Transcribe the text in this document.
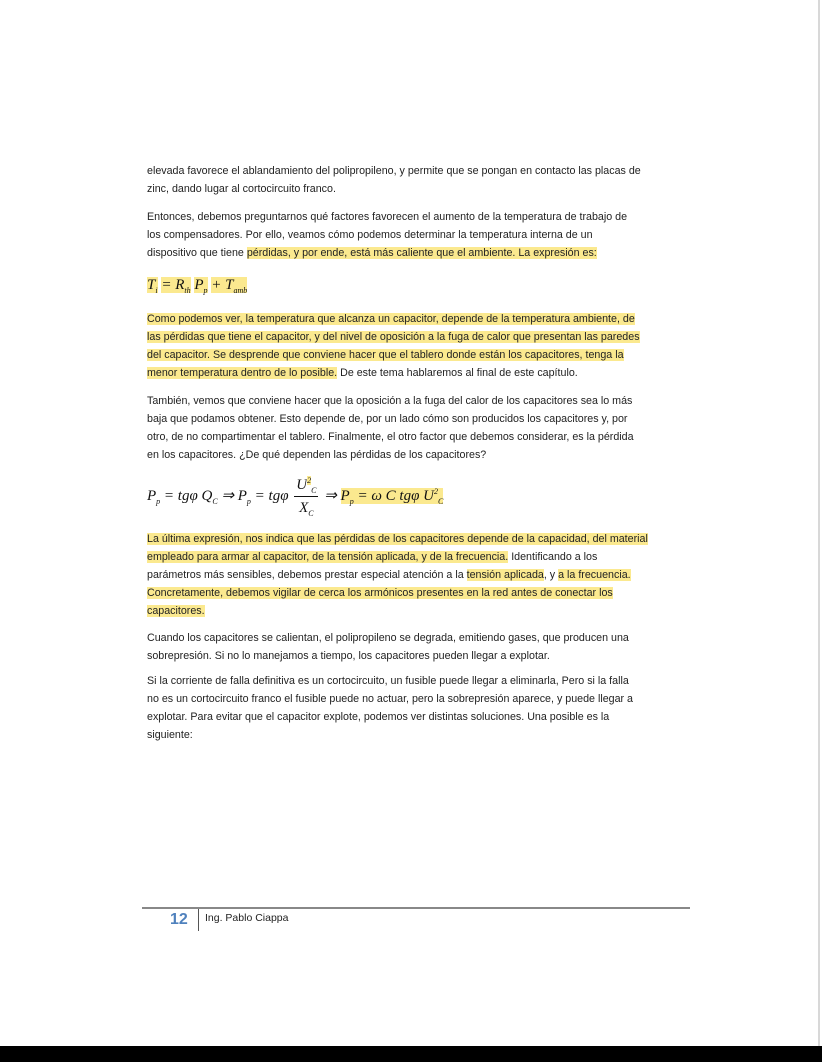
elevada favorece el ablandamiento del polipropileno, y permite que se pongan en contacto las placas de
zinc, dando lugar al cortocircuito franco.
Entonces, debemos preguntarnos qué factores favorecen el aumento de la temperatura de trabajo de
los compensadores. Por ello, veamos cómo podemos determinar la temperatura interna de un
dispositivo que tiene pérdidas, y por ende, está más caliente que el ambiente. La expresión es:
$T_i = R_{th}$ $P_p + T_{amb}$
Como podemos ver, la temperatura que alcanza un capacitor, depende de la temperatura ambiente, de
las pérdidas que tiene el capacitor, y del nivel de oposición a la fuga de calor que presentan las paredes
del capacitor. Se desprende que conviene hacer que el tablero donde están los capacitores, tenga la
menor temperatura dentro de lo posible. De este tema hablaremos al final de este capítulo.
También, vemos que conviene hacer que la oposición a la fuga del calor de los capacitores sea lo más
baja que podamos obtener. Esto depende de, por un lado cómo son producidos los capacitores y, por
otro, de no compartimentar el tablero. Finalmente, el otro factor que debemos considerar, es la pérdida
en los capacitores. ¿De qué dependen las pérdidas de los capacitores?
$P_p = tg\varphi$ $Q_C$ ⇒ $P_p = tg\varphi \frac{U^2_C}{X_C}$ ⇒ $P_p = \omega$ C tgφ $U^2_C$
La última expresión, nos indica que las pérdidas de los capacitores depende de la capacidad, del material
empleado para armar al capacitor, de la tensión aplicada, y de la frecuencia. Identificando a los
parámetros más sensibles, debemos prestar especial atención a la tensión aplicada, y a la frecuencia.
Concretamente, debemos vigilar de cerca los armónicos presentes en la red antes de conectar los
capacitores.
Cuando los capacitores se calientan, el polipropileno se degrada, emitiendo gases, que producen una
sobrepresión. Si no lo manejamos a tiempo, los capacitores pueden llegar a explotar.
Si la corriente de falla definitiva es un cortocircuito, un fusible puede llegar a eliminarla, Pero si la falla
no es un cortocircuito franco el fusible puede no actuar, pero la sobrepresión aparece, y puede llegar a
explotar. Para evitar que el capacitor explote, podemos ver distintas soluciones. Una posible es la
siguiente:
12 Ing. Pablo Ciappa
